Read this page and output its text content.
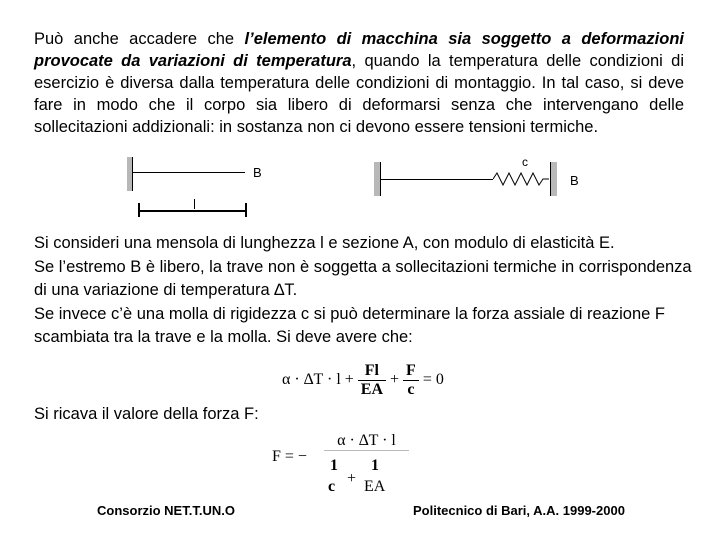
Può anche accadere che l’elemento di macchina sia soggetto a deformazioni provocate da variazioni di temperatura, quando la temperatura delle condizioni di esercizio è diversa dalla temperatura delle condizioni di montaggio. In tal caso, si deve fare in modo che il corpo sia libero di deformarsi senza che intervengano delle sollecitazioni addizionali: in sostanza non ci devono essere tensioni termiche.
B
c
B
Si consideri una mensola di lunghezza l e sezione A, con modulo di elasticità E.
Se l’estremo B è libero, la trave non è soggetta a sollecitazioni termiche in corrispondenza di una variazione di temperatura ∆T.
Se invece c’è una molla di rigidezza c si può determinare la forza assiale di reazione F scambiata tra la trave e la molla. Si deve avere che:
$\alpha \cdot \Delta T \cdot l + \frac{Fl}{EA} + \frac{F}{c} = 0$
Si ricava il valore della forza F:
F = −
α · ∆T · l
1 1
c + EA
Consorzio NET.T.UN.O	Politecnico di Bari, A.A. 1999-2000
